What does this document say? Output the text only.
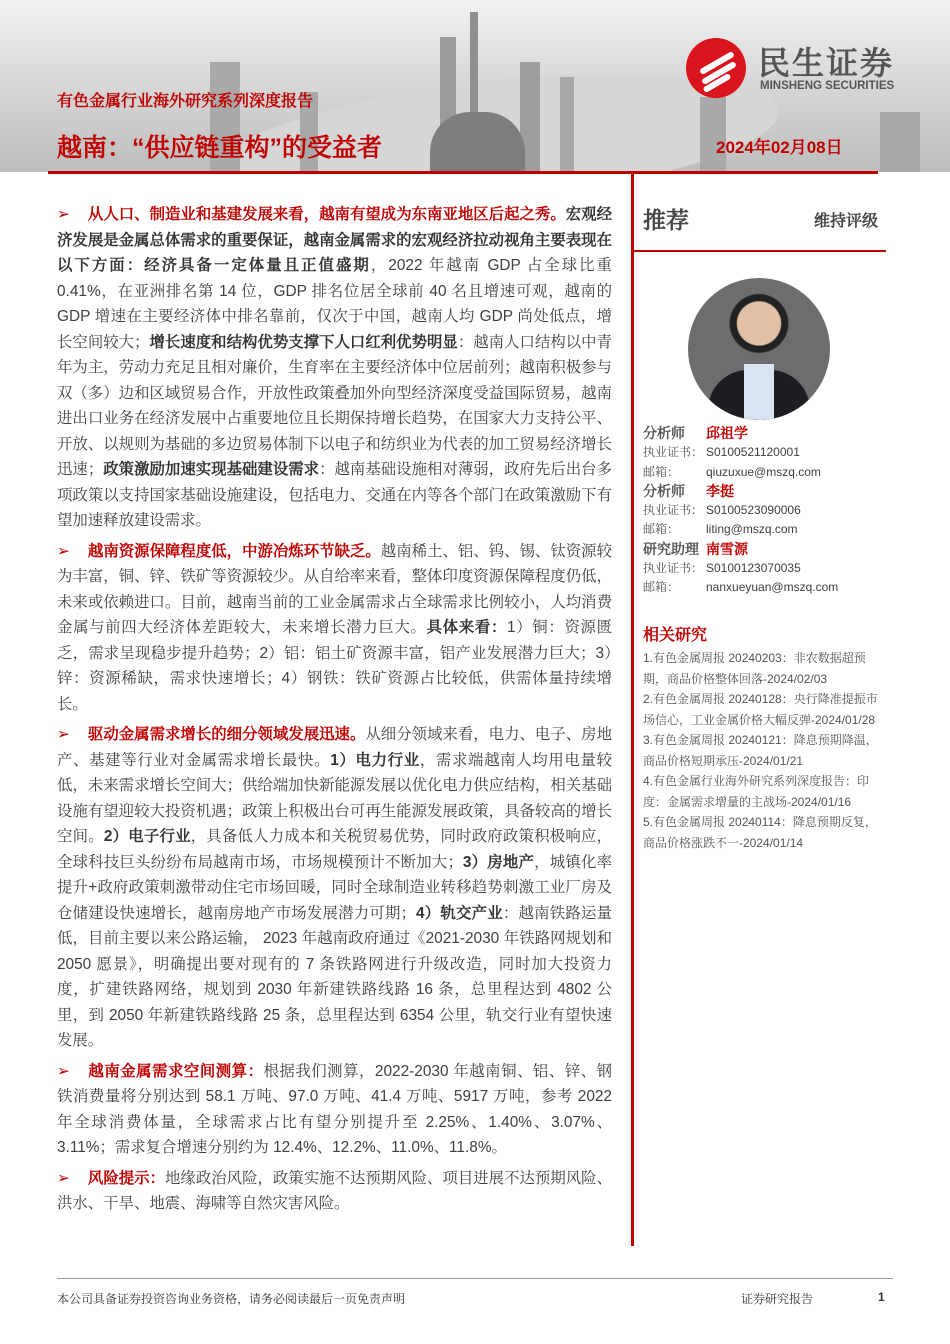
有色金属行业海外研究系列深度报告
越南：“供应链重构”的受益者	2024年02月08日
民生证券
MINSHENG SECURITIES

➢ 从人口、制造业和基建发展来看，越南有望成为东南亚地区后起之秀。宏观经济发展是金属总体需求的重要保证，越南金属需求的宏观经济拉动视角主要表现在以下方面：经济具备一定体量且正值盛期，2022 年越南 GDP 占全球比重 0.41%，在亚洲排名第 14 位，GDP 排名位居全球前 40 名且增速可观，越南的 GDP 增速在主要经济体中排名靠前，仅次于中国，越南人均 GDP 尚处低点，增长空间较大；增长速度和结构优势支撑下人口红利优势明显：越南人口结构以中青年为主，劳动力充足且相对廉价，生育率在主要经济体中位居前列；越南积极参与双（多）边和区域贸易合作，开放性政策叠加外向型经济深度受益国际贸易，越南进出口业务在经济发展中占重要地位且长期保持增长趋势，在国家大力支持公平、开放、以规则为基础的多边贸易体制下以电子和纺织业为代表的加工贸易经济增长迅速；政策激励加速实现基础建设需求：越南基础设施相对薄弱，政府先后出台多项政策以支持国家基础设施建设，包括电力、交通在内等各个部门在政策激励下有望加速释放建设需求。

➢ 越南资源保障程度低，中游冶炼环节缺乏。越南稀土、铝、钨、锡、钛资源较为丰富，铜、锌、铁矿等资源较少。从自给率来看，整体印度资源保障程度仍低，未来或依赖进口。目前，越南当前的工业金属需求占全球需求比例较小，人均消费金属与前四大经济体差距较大，未来增长潜力巨大。具体来看：1）铜：资源匮乏，需求呈现稳步提升趋势；2）铝：铝土矿资源丰富，铝产业发展潜力巨大；3）锌：资源稀缺，需求快速增长；4）钢铁：铁矿资源占比较低，供需体量持续增长。

➢ 驱动金属需求增长的细分领域发展迅速。从细分领域来看，电力、电子、房地产、基建等行业对金属需求增长最快。1）电力行业，需求端越南人均用电量较低，未来需求增长空间大；供给端加快新能源发展以优化电力供应结构，相关基础设施有望迎较大投资机遇；政策上积极出台可再生能源发展政策，具备较高的增长空间。2）电子行业，具备低人力成本和关税贸易优势，同时政府政策积极响应，全球科技巨头纷纷布局越南市场，市场规模预计不断加大；3）房地产，城镇化率提升+政府政策刺激带动住宅市场回暖，同时全球制造业转移趋势刺激工业厂房及仓储建设快速增长，越南房地产市场发展潜力可期；4）轨交产业：越南铁路运量低，目前主要以来公路运输， 2023 年越南政府通过《2021-2030 年铁路网规划和 2050 愿景》，明确提出要对现有的 7 条铁路网进行升级改造，同时加大投资力度，扩建铁路网络，规划到 2030 年新建铁路线路 16 条，总里程达到 4802 公里，到 2050 年新建铁路线路 25 条，总里程达到 6354 公里，轨交行业有望快速发展。

➢ 越南金属需求空间测算：根据我们测算，2022-2030 年越南铜、铝、锌、钢铁消费量将分别达到 58.1 万吨、97.0 万吨、41.4 万吨、5917 万吨，参考 2022 年全球消费体量，全球需求占比有望分别提升至 2.25%、1.40%、3.07%、3.11%；需求复合增速分别约为 12.4%、12.2%、11.0%、11.8%。

➢ 风险提示：地缘政治风险，政策实施不达预期风险、项目进展不达预期风险、洪水、干旱、地震、海啸等自然灾害风险。

推荐	维持评级
分析师	邱祖学
执业证书： S0100521120001
邮箱：	qiuzuxue@mszq.com
分析师	李挺
执业证书： S0100523090006
邮箱：	liting@mszq.com
研究助理 南雪源
执业证书： S0100123070035
邮箱：	nanxueyuan@mszq.com
相关研究
1.有色金属周报 20240203：非农数据超预期，商品价格整体回落-2024/02/03
2.有色金属周报 20240128：央行降准提振市场信心，工业金属价格大幅反弹-2024/01/28
3.有色金属周报 20240121：降息预期降温，商品价格短期承压-2024/01/21
4.有色金属行业海外研究系列深度报告：印度：金属需求增量的主战场-2024/01/16
5.有色金属周报 20240114：降息预期反复，商品价格涨跌不一-2024/01/14
本公司具备证券投资咨询业务资格，请务必阅读最后一页免责声明	证券研究报告	1
